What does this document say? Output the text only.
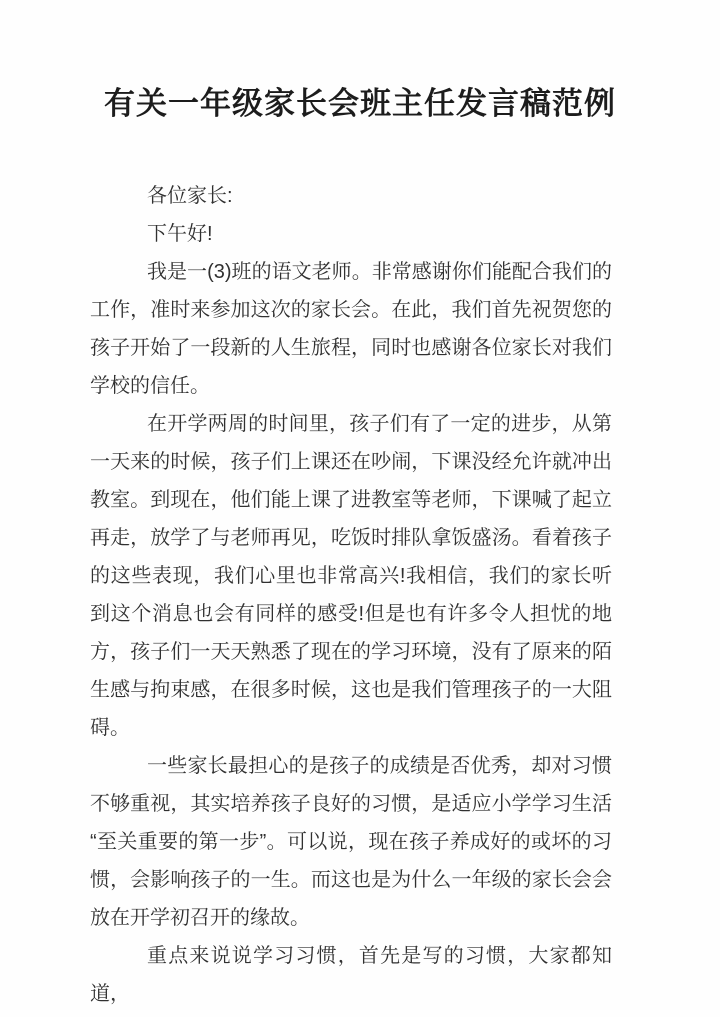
有关一年级家长会班主任发言稿范例

各位家长:

下午好!

我是一(3)班的语文老师。非常感谢你们能配合我们的工作，准时来参加这次的家长会。在此，我们首先祝贺您的孩子开始了一段新的人生旅程，同时也感谢各位家长对我们学校的信任。

在开学两周的时间里，孩子们有了一定的进步，从第一天来的时候，孩子们上课还在吵闹，下课没经允许就冲出教室。到现在，他们能上课了进教室等老师，下课喊了起立再走，放学了与老师再见，吃饭时排队拿饭盛汤。看着孩子的这些表现，我们心里也非常高兴!我相信，我们的家长听到这个消息也会有同样的感受!但是也有许多令人担忧的地方，孩子们一天天熟悉了现在的学习环境，没有了原来的陌生感与拘束感，在很多时候，这也是我们管理孩子的一大阻碍。

一些家长最担心的是孩子的成绩是否优秀，却对习惯不够重视，其实培养孩子良好的习惯，是适应小学学习生活“至关重要的第一步”。可以说，现在孩子养成好的或坏的习惯，会影响孩子的一生。而这也是为什么一年级的家长会会放在开学初召开的缘故。

重点来说说学习习惯，首先是写的习惯，大家都知道，
